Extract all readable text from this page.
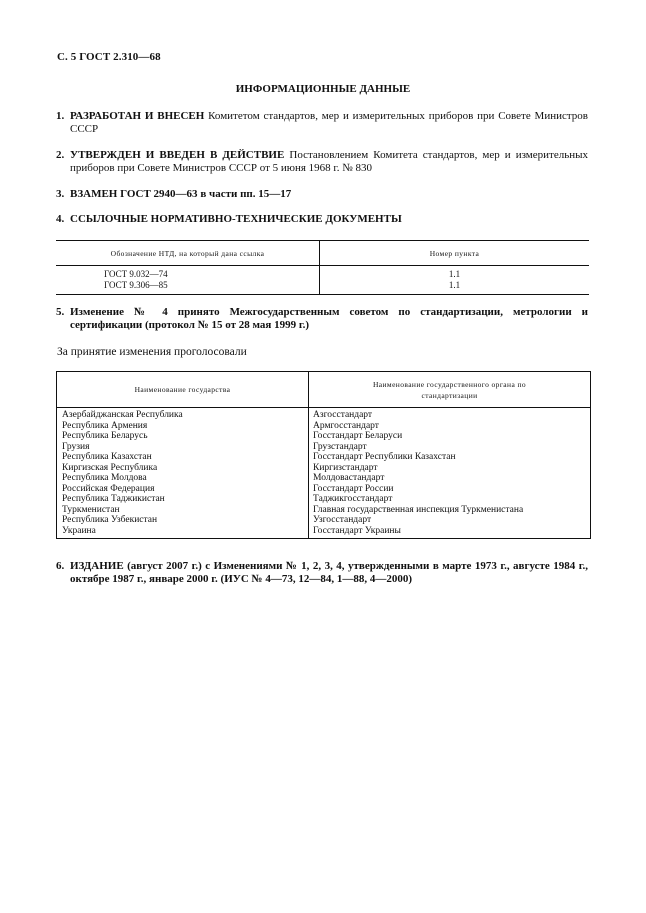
С. 5 ГОСТ 2.310—68
ИНФОРМАЦИОННЫЕ ДАННЫЕ
1. РАЗРАБОТАН И ВНЕСЕН Комитетом стандартов, мер и измерительных приборов при Совете Министров СССР
2. УТВЕРЖДЕН И ВВЕДЕН В ДЕЙСТВИЕ Постановлением Комитета стандартов, мер и измерительных приборов при Совете Министров СССР от 5 июня 1968 г. № 830
3. ВЗАМЕН ГОСТ 2940—63 в части пп. 15—17
4. ССЫЛОЧНЫЕ НОРМАТИВНО-ТЕХНИЧЕСКИЕ ДОКУМЕНТЫ
Обозначение НТД, на который дана ссылка	Номер пункта
ГОСТ 9.032—74
ГОСТ 9.306—85
1.1
1.1
5. Изменение № 4 принято Межгосударственным советом по стандартизации, метрологии и сертификации (протокол № 15 от 28 мая 1999 г.)
За принятие изменения проголосовали
Наименование государства
Наименование государственного органа по стандартизации
Азербайджанская Республика
Республика Армения
Республика Беларусь
Грузия
Республика Казахстан
Киргизская Республика
Республика Молдова
Российская Федерация
Республика Таджикистан
Туркменистан
Республика Узбекистан
Украина
Азгосстандарт
Армгосстандарт
Госстандарт Беларуси
Грузстандарт
Госстандарт Республики Казахстан
Киргизстандарт
Молдовастандарт
Госстандарт России
Таджикгосстандарт
Главная государственная инспекция Туркменистана
Узгосстандарт
Госстандарт Украины
6. ИЗДАНИЕ (август 2007 г.) с Изменениями № 1, 2, 3, 4, утвержденными в марте 1973 г., августе 1984 г., октябре 1987 г., январе 2000 г. (ИУС № 4—73, 12—84, 1—88, 4—2000)
